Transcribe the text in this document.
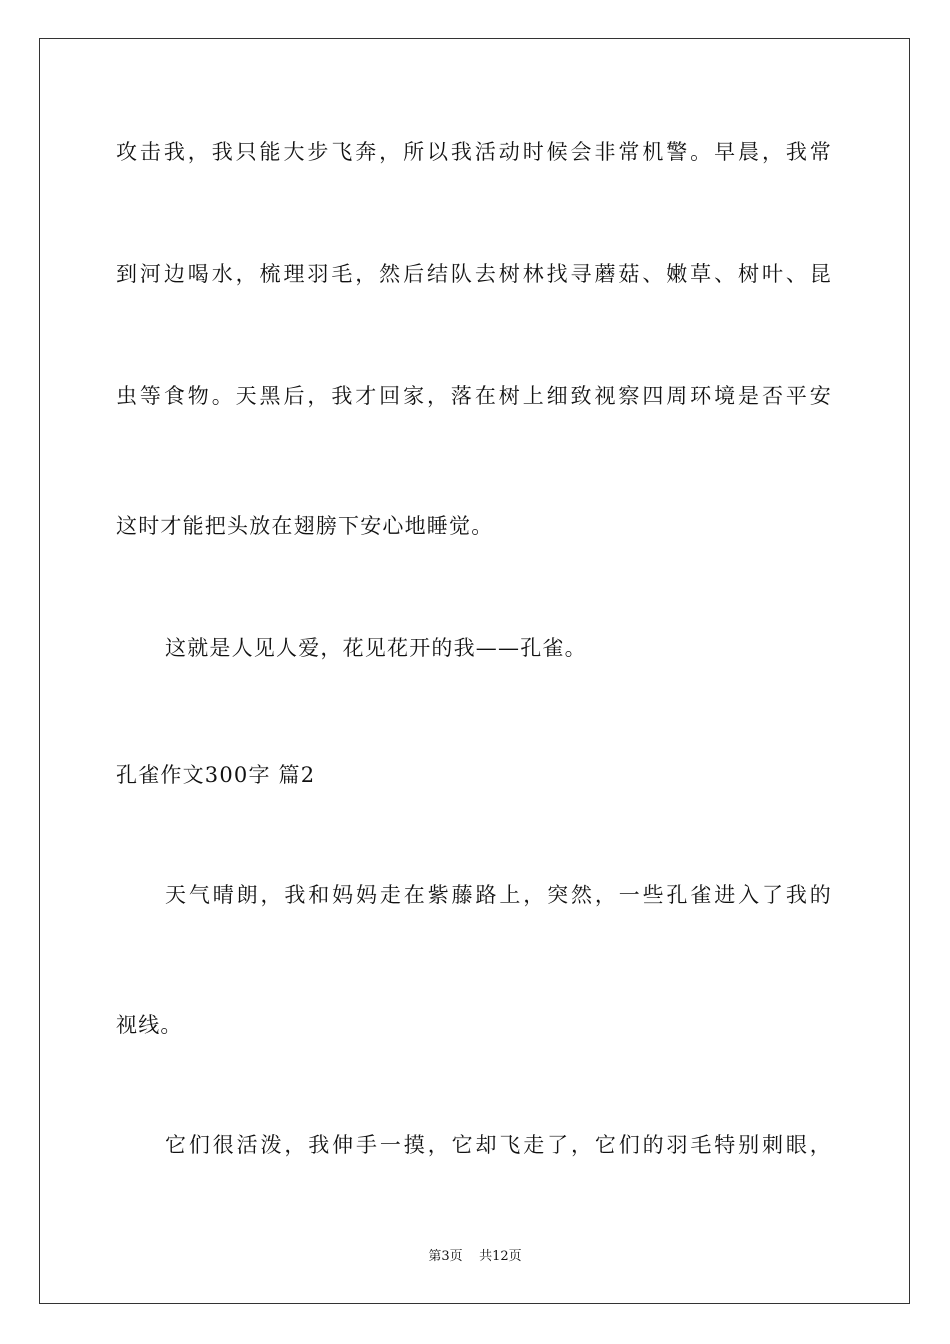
攻击我，我只能大步飞奔，所以我活动时候会非常机警。早晨，我常
到河边喝水，梳理羽毛，然后结队去树林找寻蘑菇、嫩草、树叶、昆
虫等食物。天黑后，我才回家，落在树上细致视察四周环境是否平安
这时才能把头放在翅膀下安心地睡觉。
这就是人见人爱，花见花开的我——孔雀。
孔雀作文300字 篇2
天气晴朗，我和妈妈走在紫藤路上，突然，一些孔雀进入了我的
视线。
它们很活泼，我伸手一摸，它却飞走了，它们的羽毛特别刺眼，
第3页    共12页
